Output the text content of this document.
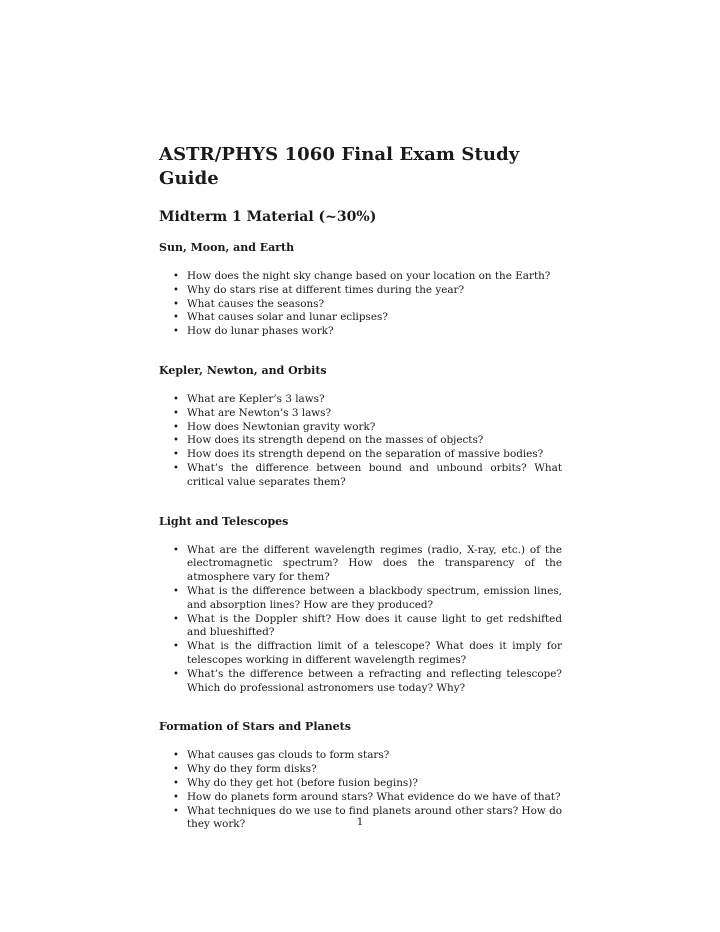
ASTR/PHYS 1060 Final Exam Study Guide
Midterm 1 Material (~30%)
Sun, Moon, and Earth
• How does the night sky change based on your location on the Earth?
• Why do stars rise at different times during the year?
• What causes the seasons?
• What causes solar and lunar eclipses?
• How do lunar phases work?
Kepler, Newton, and Orbits
• What are Kepler’s 3 laws?
• What are Newton’s 3 laws?
• How does Newtonian gravity work?
• How does its strength depend on the masses of objects?
• How does its strength depend on the separation of massive bodies?
• What’s the difference between bound and unbound orbits? What critical value separates them?
Light and Telescopes
• What are the different wavelength regimes (radio, X-ray, etc.) of the electromagnetic spectrum? How does the transparency of the atmosphere vary for them?
• What is the difference between a blackbody spectrum, emission lines, and absorption lines? How are they produced?
• What is the Doppler shift? How does it cause light to get redshifted and blueshifted?
• What is the diffraction limit of a telescope? What does it imply for telescopes working in different wavelength regimes?
• What’s the difference between a refracting and reflecting telescope? Which do professional astronomers use today? Why?
Formation of Stars and Planets
• What causes gas clouds to form stars?
• Why do they form disks?
• Why do they get hot (before fusion begins)?
• How do planets form around stars? What evidence do we have of that?
• What techniques do we use to find planets around other stars? How do they work?	1
